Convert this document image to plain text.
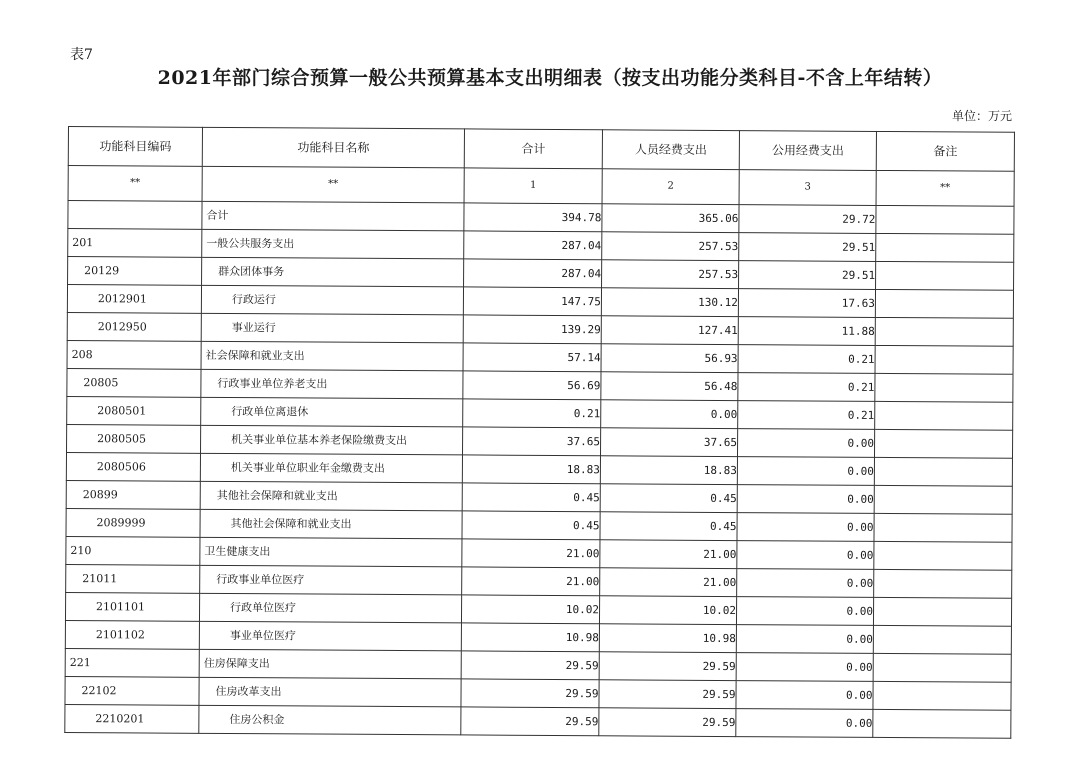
表7
2021年部门综合预算一般公共预算基本支出明细表（按支出功能分类科目-不含上年结转）
单位：万元
功能科目编码	功能科目名称	合计	人员经费支出	公用经费支出	备注
**	**	1	2	3	**
	合计	394.78	365.06	29.72	
201	一般公共服务支出	287.04	257.53	29.51	
20129	群众团体事务	287.04	257.53	29.51	
2012901	行政运行	147.75	130.12	17.63	
2012950	事业运行	139.29	127.41	11.88	
208	社会保障和就业支出	57.14	56.93	0.21	
20805	行政事业单位养老支出	56.69	56.48	0.21	
2080501	行政单位离退休	0.21	0.00	0.21	
2080505	机关事业单位基本养老保险缴费支出	37.65	37.65	0.00	
2080506	机关事业单位职业年金缴费支出	18.83	18.83	0.00	
20899	其他社会保障和就业支出	0.45	0.45	0.00	
2089999	其他社会保障和就业支出	0.45	0.45	0.00	
210	卫生健康支出	21.00	21.00	0.00	
21011	行政事业单位医疗	21.00	21.00	0.00	
2101101	行政单位医疗	10.02	10.02	0.00	
2101102	事业单位医疗	10.98	10.98	0.00	
221	住房保障支出	29.59	29.59	0.00	
22102	住房改革支出	29.59	29.59	0.00	
2210201	住房公积金	29.59	29.59	0.00	
